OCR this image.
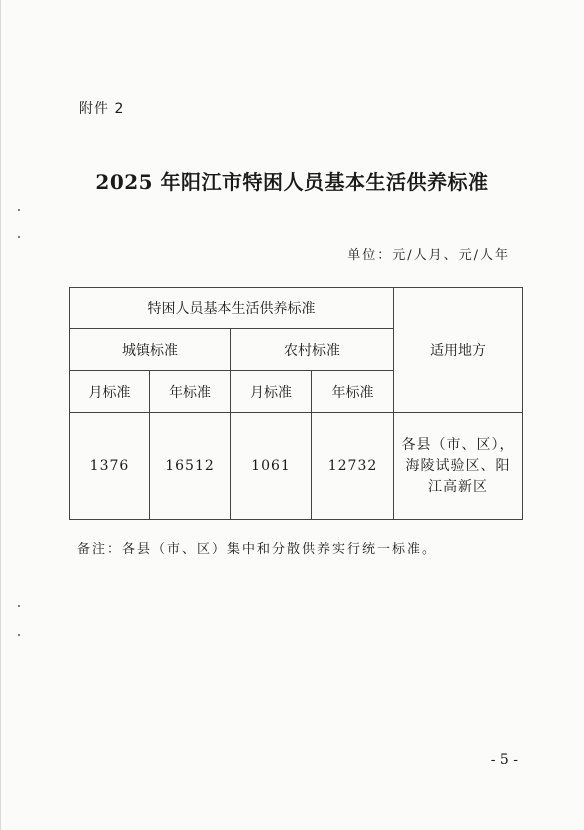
附件 2
2025 年阳江市特困人员基本生活供养标准
单位：元/人月、元/人年
特困人员基本生活供养标准				适用地方
城镇标准		农村标准		
月标准	年标准	月标准	年标准	
1376	16512	1061	12732	各县（市、区），
海陵试验区、阳
江高新区
备注：各县（市、区）集中和分散供养实行统一标准。
- 5 -
